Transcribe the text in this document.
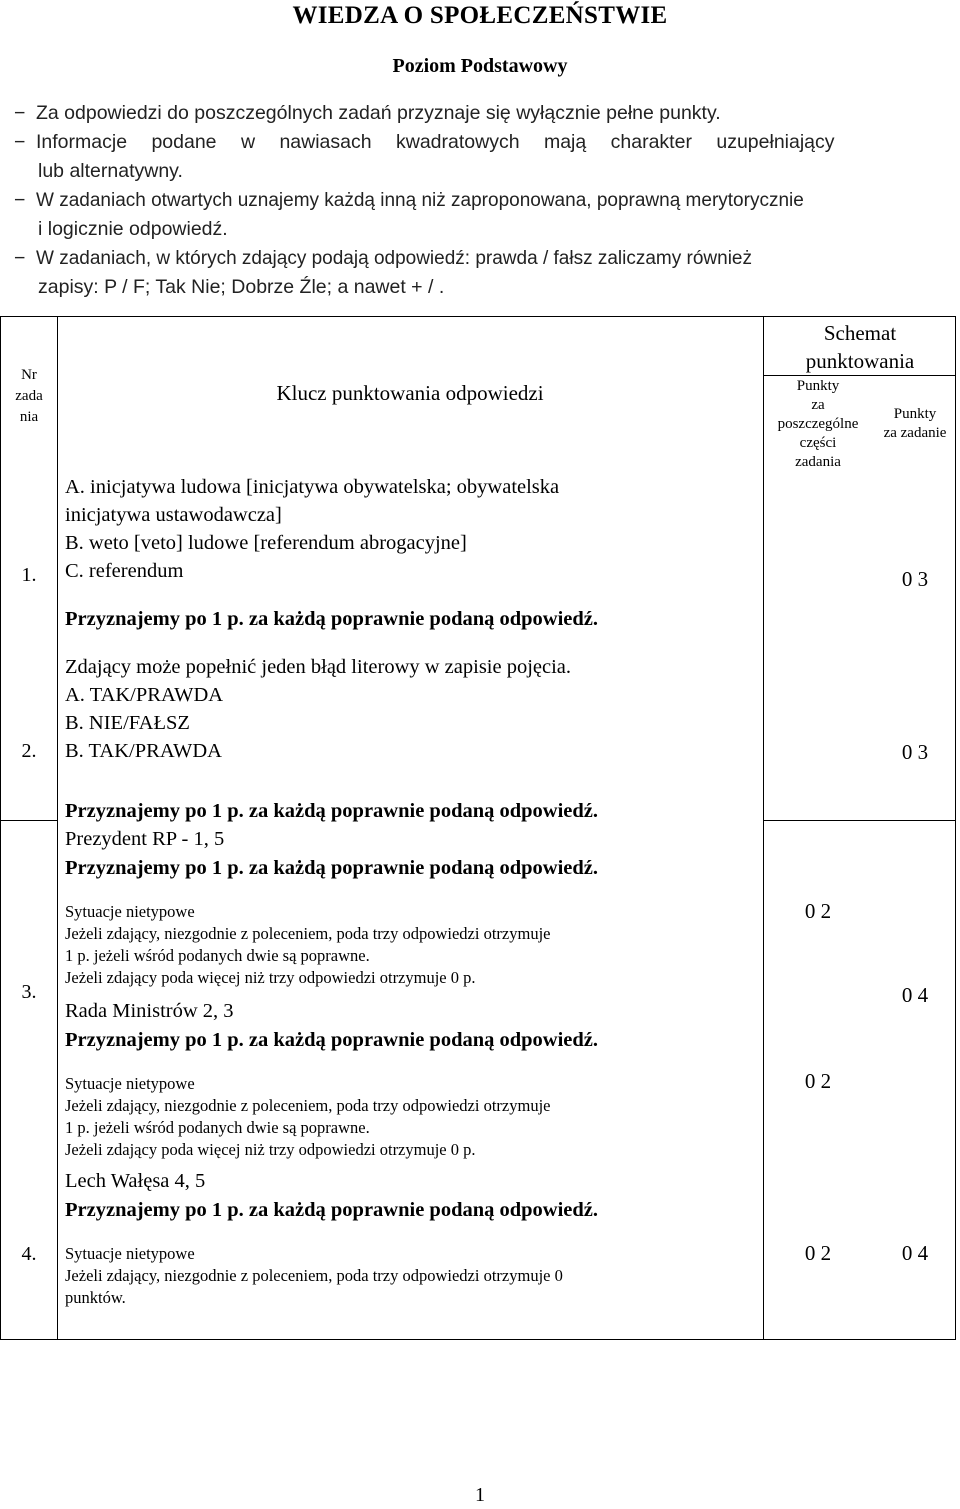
WIEDZA O SPOŁECZEŃSTWIE
Poziom Podstawowy
− Za odpowiedzi do poszczególnych zadań przyznaje się wyłącznie pełne punkty.
− Informacje podane w nawiasach kwadratowych mają charakter uzupełniający
lub alternatywny.
− W zadaniach otwartych uznajemy każdą inną niż zaproponowana, poprawną merytorycznie
i logicznie odpowiedź.
− W zadaniach, w których zdający podają odpowiedź: prawda / fałsz zaliczamy również
zapisy: P / F; Tak Nie; Dobrze Źle; a nawet + / .
Nr
zada
nia
Klucz punktowania odpowiedzi
Schemat
punktowania
Punkty
za
poszczególne
części
zadania
Punkty
za zadanie
1.
A. inicjatywa ludowa [inicjatywa obywatelska; obywatelska
inicjatywa ustawodawcza]
B. weto [veto] ludowe [referendum abrogacyjne]
C. referendum
Przyznajemy po 1 p. za każdą poprawnie podaną odpowiedź.
0 3
2.
Zdający może popełnić jeden błąd literowy w zapisie pojęcia.
A. TAK/PRAWDA
B. NIE/FAŁSZ
B. TAK/PRAWDA
Przyznajemy po 1 p. za każdą poprawnie podaną odpowiedź.
0 3
3.
Prezydent RP - 1, 5
Przyznajemy po 1 p. za każdą poprawnie podaną odpowiedź.
Sytuacje nietypowe
Jeżeli zdający, niezgodnie z poleceniem, poda trzy odpowiedzi otrzymuje
1 p. jeżeli wśród podanych dwie są poprawne.
Jeżeli zdający poda więcej niż trzy odpowiedzi otrzymuje 0 p.
0 2
Rada Ministrów 2, 3
Przyznajemy po 1 p. za każdą poprawnie podaną odpowiedź.
Sytuacje nietypowe
Jeżeli zdający, niezgodnie z poleceniem, poda trzy odpowiedzi otrzymuje
1 p. jeżeli wśród podanych dwie są poprawne.
Jeżeli zdający poda więcej niż trzy odpowiedzi otrzymuje 0 p.
0 2
0 4
4.
Lech Wałęsa 4, 5
Przyznajemy po 1 p. za każdą poprawnie podaną odpowiedź.
Sytuacje nietypowe
Jeżeli zdający, niezgodnie z poleceniem, poda trzy odpowiedzi otrzymuje 0
punktów.
0 2	0 4
1
